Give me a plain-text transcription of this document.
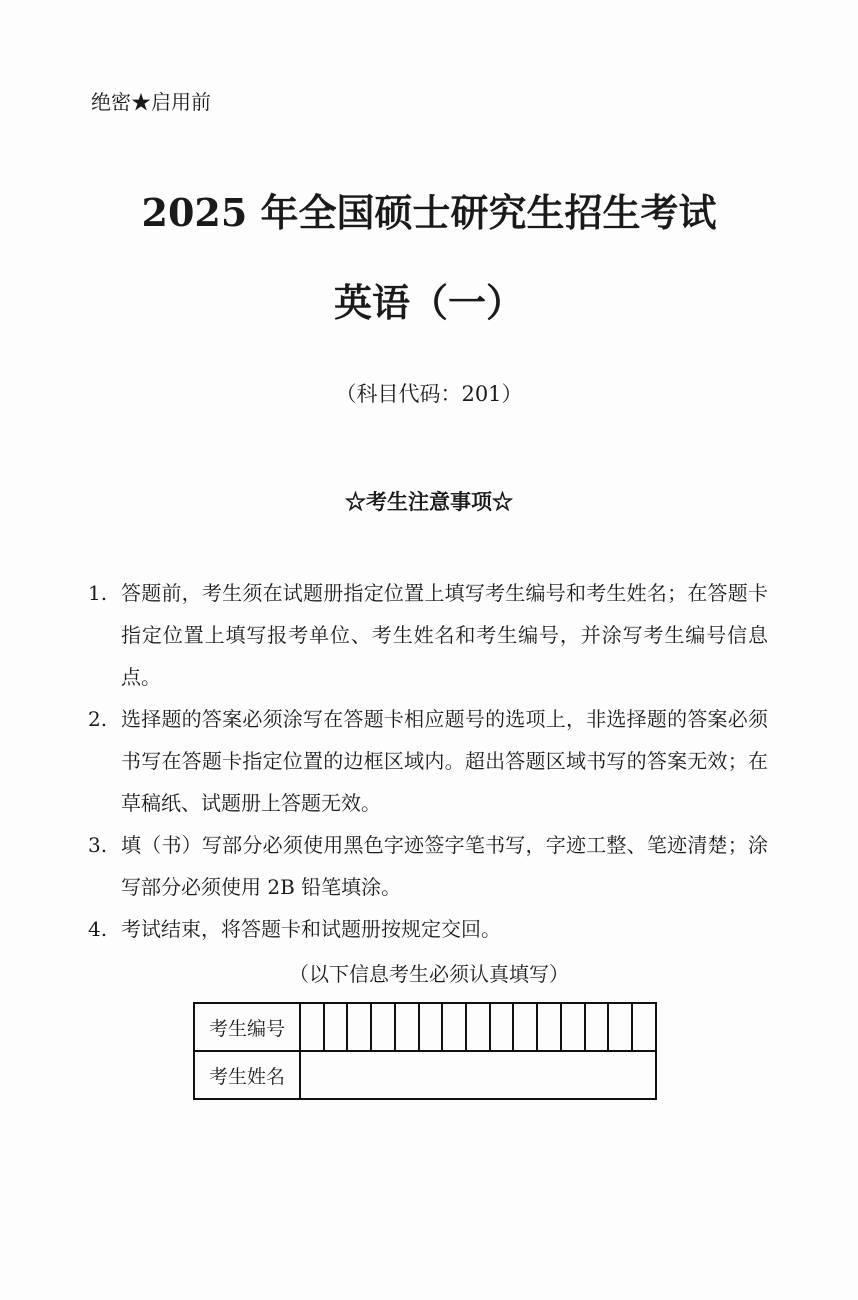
绝密★启用前
2025 年全国硕士研究生招生考试
英语（一）
（科目代码：201）
☆考生注意事项☆
1. 答题前，考生须在试题册指定位置上填写考生编号和考生姓名；在答题卡指定位置上填写报考单位、考生姓名和考生编号，并涂写考生编号信息点。
2. 选择题的答案必须涂写在答题卡相应题号的选项上，非选择题的答案必须书写在答题卡指定位置的边框区域内。超出答题区域书写的答案无效；在草稿纸、试题册上答题无效。
3. 填（书）写部分必须使用黑色字迹签字笔书写，字迹工整、笔迹清楚；涂写部分必须使用 2B 铅笔填涂。
4. 考试结束，将答题卡和试题册按规定交回。
（以下信息考生必须认真填写）
考生编号															
考生姓名															
